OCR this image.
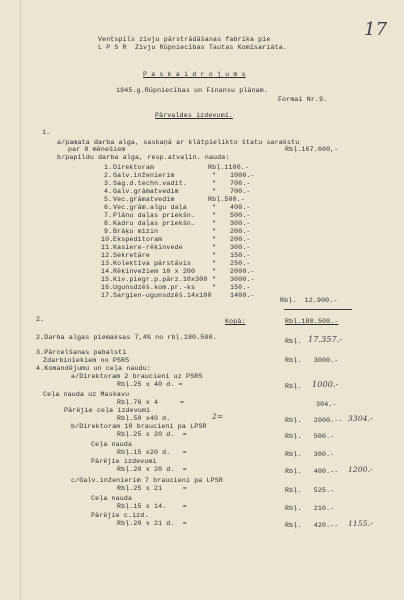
17
Ventspils zivju pārstrādāšanas fabrika pie
L P S R  Zivju Rūpniecības Tautas Komisariāta.
P a s k a i d r o j u m s
1945.g.Rūpniecības un Finansu plānam.
Formai Nr.9.
Pārvaldes izdevumi.
1.
a/pamata darba alga, saskaņā ar klātpielikto štatu sarakstu
par 8 mēnešiem	Rbļ.167.600,-
b/papildu darba alga, resp.atvaļin. nauda:
1. Direktoram	Rbļ.1100.-
2. Galv.inženierim	" 1000.-
3. Sag.d.techn.vadit.	" 700.-
4. Galv.grāmatvedim	" 700.-
5. Vec.grāmatvedim	Rbļ.500.-
6. Vec.grām.algu daļa	" 400.-
7. Plānu daļas priekšn.	" 500.-
8. Kadru daļas priekšn.	" 300.-
9. Brāķu mizin	" 200.-
10. Ekspeditoram	" 200.-
11. Kasiere-rēķinvede	" 300.-
12. Sekretāre	" 150.-
13. Kolektīva pārstāvis	" 250.-
14. Rēķinvežiem 10 x 200	" 2000.-
15. Kiv.piegr.p.pārz.10x300 " 3000.-
16. Ugunsdzēš.kom.pr.-ks	" 150.-
17. Sargien-ugunsdzēš.14x100	1400.-
Rbļ.  12.900.-
2.	Kopā:	Rbļ.180.500.-
2.Darba algas piemaksas 7,4% no rbļ.180.500.
Rbļ. 17.357.-
3.Pārcelšanas pabalsti
Zdarbiniekiem no PSRS	Rbļ.   3000.-
4.Komandējumu un ceļa naudu:
a/Direktoram 2 braucieni uz PSRS
Rbļ.25 x 40 d. =	Rbļ. 1000.-
Ceļa nauda uz Maskavu
Rbļ.76 x 4	=	304.-
Pārējie ceļa izdevumi
Rbļ.50 x40 d.	2=	Rbļ.   2000.-- 3304.-
b/Direktoram 10 braucieni pa LPSR
Rbļ.25 x 20 d.  =	Rbļ.   500.-
Ceļa nauda
Rbļ.15 x20 d.   =	Rbļ.   300.-
Pārējie izdevumi
Rbļ.20 x 20 d.  =	Rbļ.   400.-- 1200.-
c/Galv.inženierim 7 braucieni pa LPSR
Rbļ.25 x 21     =	Rbļ.   525.-
Ceļa nauda
Rbļ.15 x 14.    =	Rbļ.   210.-
Pārējie c.izd.
Rbļ.20 x 21 d.  =	Rbļ.   420.-- 1155.-
